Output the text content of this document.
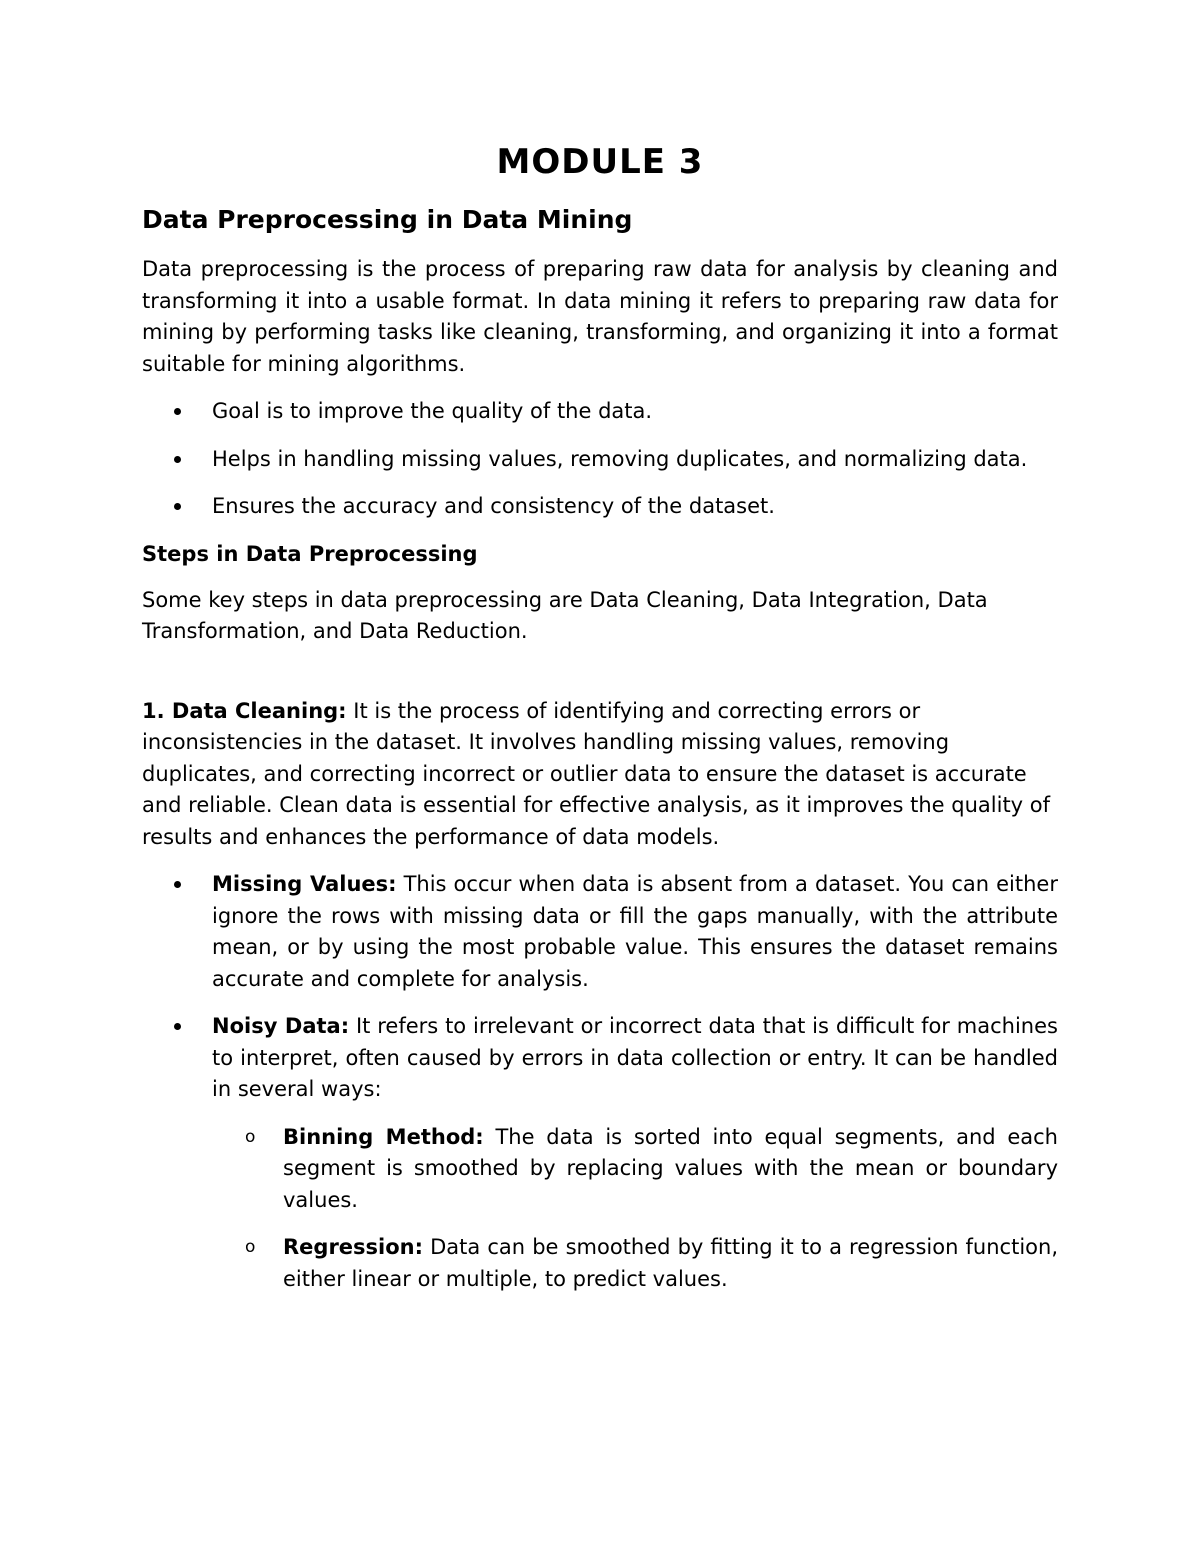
MODULE 3
Data Preprocessing in Data Mining

Data preprocessing is the process of preparing raw data for analysis by cleaning and transforming it into a usable format. In data mining it refers to preparing raw data for mining by performing tasks like cleaning, transforming, and organizing it into a format suitable for mining algorithms.

Goal is to improve the quality of the data.
Helps in handling missing values, removing duplicates, and normalizing data.
Ensures the accuracy and consistency of the dataset.
Steps in Data Preprocessing

Some key steps in data preprocessing are Data Cleaning, Data Integration, Data Transformation, and Data Reduction.

1. Data Cleaning: It is the process of identifying and correcting errors or inconsistencies in the dataset. It involves handling missing values, removing duplicates, and correcting incorrect or outlier data to ensure the dataset is accurate and reliable. Clean data is essential for effective analysis, as it improves the quality of results and enhances the performance of data models.

Missing Values: This occur when data is absent from a dataset. You can either ignore the rows with missing data or fill the gaps manually, with the attribute mean, or by using the most probable value. This ensures the dataset remains accurate and complete for analysis.
Noisy Data: It refers to irrelevant or incorrect data that is difficult for machines to interpret, often caused by errors in data collection or entry. It can be handled in several ways:
o	Binning Method: The data is sorted into equal segments, and each segment is smoothed by replacing values with the mean or boundary values.
o	Regression: Data can be smoothed by fitting it to a regression function, either linear or multiple, to predict values.
